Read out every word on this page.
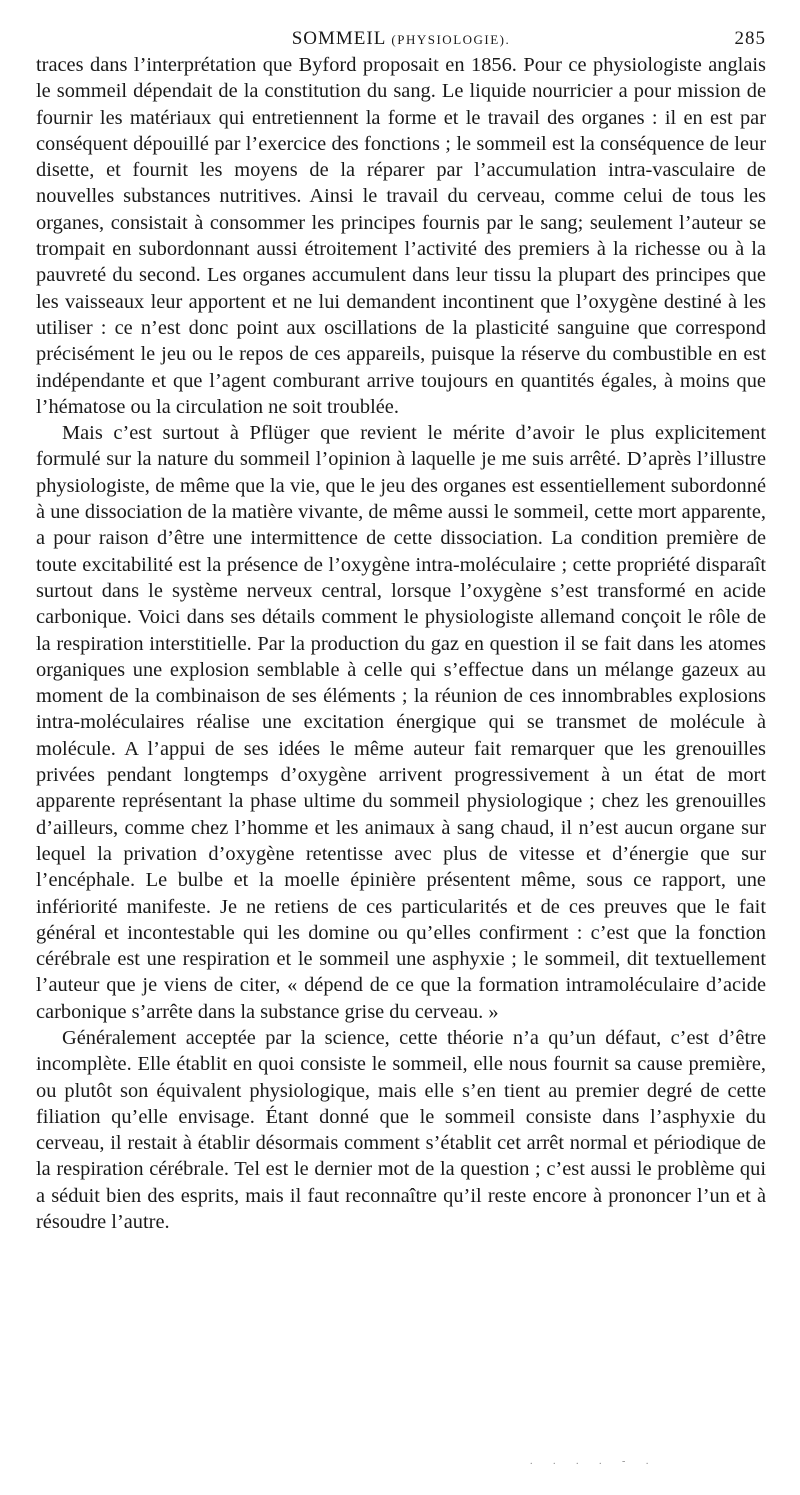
SOMMEIL (PHYSIOLOGIE).	285

traces dans l’interprétation que Byford proposait en 1856. Pour ce physiologiste anglais le sommeil dépendait de la constitution du sang. Le liquide nourricier a pour mission de fournir les matériaux qui entretiennent la forme et le travail des organes : il en est par conséquent dépouillé par l’exercice des fonctions ; le sommeil est la conséquence de leur disette, et fournit les moyens de la réparer par l’accumulation intra-vasculaire de nouvelles substances nutritives. Ainsi le travail du cerveau, comme celui de tous les organes, consistait à consommer les principes fournis par le sang; seulement l’auteur se trompait en subordonnant aussi étroitement l’activité des premiers à la richesse ou à la pauvreté du second. Les organes accumulent dans leur tissu la plupart des principes que les vaisseaux leur apportent et ne lui demandent incontinent que l’oxygène destiné à les utiliser : ce n’est donc point aux oscillations de la plasticité sanguine que correspond précisément le jeu ou le repos de ces appareils, puisque la réserve du combustible en est indépendante et que l’agent comburant arrive toujours en quantités égales, à moins que l’hématose ou la circulation ne soit troublée.

Mais c’est surtout à Pflüger que revient le mérite d’avoir le plus explicitement formulé sur la nature du sommeil l’opinion à laquelle je me suis arrêté. D’après l’illustre physiologiste, de même que la vie, que le jeu des organes est essentiellement subordonné à une dissociation de la matière vivante, de même aussi le sommeil, cette mort apparente, a pour raison d’être une intermittence de cette dissociation. La condition première de toute excitabilité est la présence de l’oxygène intra-moléculaire ; cette propriété disparaît surtout dans le système nerveux central, lorsque l’oxygène s’est transformé en acide carbonique. Voici dans ses détails comment le physiologiste allemand conçoit le rôle de la respiration interstitielle. Par la production du gaz en question il se fait dans les atomes organiques une explosion semblable à celle qui s’effectue dans un mélange gazeux au moment de la combinaison de ses éléments ; la réunion de ces innombrables explosions intra-moléculaires réalise une excitation énergique qui se transmet de molécule à molécule. A l’appui de ses idées le même auteur fait remarquer que les grenouilles privées pendant longtemps d’oxygène arrivent progressivement à un état de mort apparente représentant la phase ultime du sommeil physiologique ; chez les grenouilles d’ailleurs, comme chez l’homme et les animaux à sang chaud, il n’est aucun organe sur lequel la privation d’oxygène retentisse avec plus de vitesse et d’énergie que sur l’encéphale. Le bulbe et la moelle épinière présentent même, sous ce rapport, une infériorité manifeste. Je ne retiens de ces particularités et de ces preuves que le fait général et incontestable qui les domine ou qu’elles confirment : c’est que la fonction cérébrale est une respiration et le sommeil une asphyxie ; le sommeil, dit textuellement l’auteur que je viens de citer, « dépend de ce que la formation intramoléculaire d’acide carbonique s’arrête dans la substance grise du cerveau. »

Généralement acceptée par la science, cette théorie n’a qu’un défaut, c’est d’être incomplète. Elle établit en quoi consiste le sommeil, elle nous fournit sa cause première, ou plutôt son équivalent physiologique, mais elle s’en tient au premier degré de cette filiation qu’elle envisage. Étant donné que le sommeil consiste dans l’asphyxie du cerveau, il restait à établir désormais comment s’établit cet arrêt normal et périodique de la respiration cérébrale. Tel est le dernier mot de la question ; c’est aussi le problème qui a séduit bien des esprits, mais il faut reconnaître qu’il reste encore à prononcer l’un et à résoudre l’autre.

. . . . - .
